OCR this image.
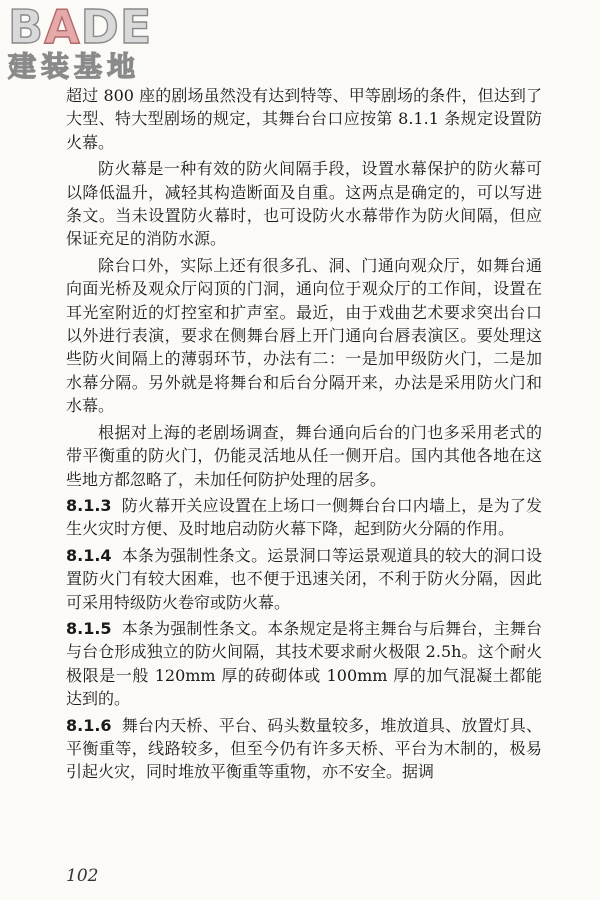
BADE
建装基地

超过 800 座的剧场虽然没有达到特等、甲等剧场的条件，但达到了大型、特大型剧场的规定，其舞台台口应按第 8.1.1 条规定设置防火幕。

防火幕是一种有效的防火间隔手段，设置水幕保护的防火幕可以降低温升，减轻其构造断面及自重。这两点是确定的，可以写进条文。当未设置防火幕时，也可设防火水幕带作为防火间隔，但应保证充足的消防水源。

除台口外，实际上还有很多孔、洞、门通向观众厅，如舞台通向面光桥及观众厅闷顶的门洞，通向位于观众厅的工作间，设置在耳光室附近的灯控室和扩声室。最近，由于戏曲艺术要求突出台口以外进行表演，要求在侧舞台唇上开门通向台唇表演区。要处理这些防火间隔上的薄弱环节，办法有二：一是加甲级防火门，二是加水幕分隔。另外就是将舞台和后台分隔开来，办法是采用防火门和水幕。

根据对上海的老剧场调查，舞台通向后台的门也多采用老式的带平衡重的防火门，仍能灵活地从任一侧开启。国内其他各地在这些地方都忽略了，未加任何防护处理的居多。

8.1.3 防火幕开关应设置在上场口一侧舞台台口内墙上，是为了发生火灾时方便、及时地启动防火幕下降，起到防火分隔的作用。

8.1.4 本条为强制性条文。运景洞口等运景观道具的较大的洞口设置防火门有较大困难，也不便于迅速关闭，不利于防火分隔，因此可采用特级防火卷帘或防火幕。

8.1.5 本条为强制性条文。本条规定是将主舞台与后舞台，主舞台与台仓形成独立的防火间隔，其技术要求耐火极限 2.5h。这个耐火极限是一般 120mm 厚的砖砌体或 100mm 厚的加气混凝土都能达到的。

8.1.6 舞台内天桥、平台、码头数量较多，堆放道具、放置灯具、平衡重等，线路较多，但至今仍有许多天桥、平台为木制的，极易引起火灾，同时堆放平衡重等重物，亦不安全。据调

102
